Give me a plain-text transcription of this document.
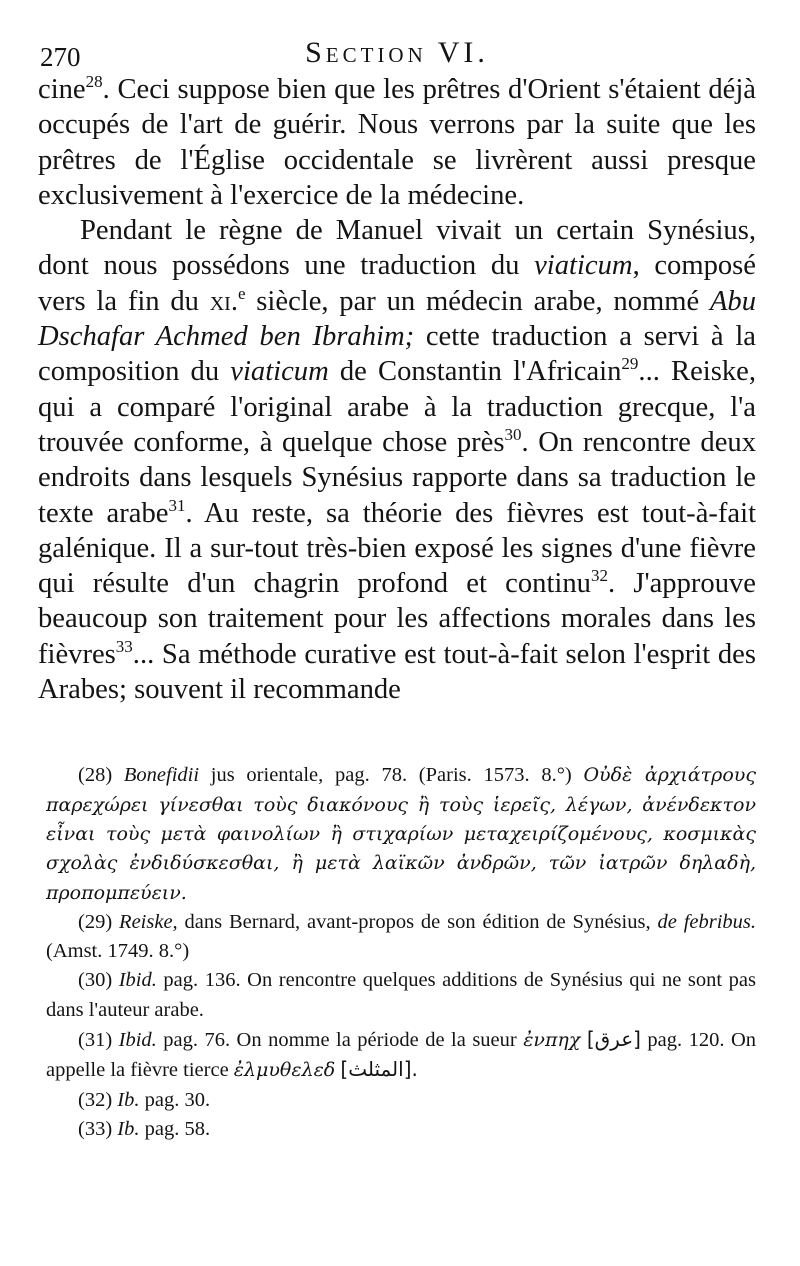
270	Section VI.

cine$^{28}$. Ceci suppose bien que les prêtres d'Orient s'étaient déjà occupés de l'art de guérir. Nous verrons par la suite que les prêtres de l'Église occidentale se livrèrent aussi presque exclusivement à l'exercice de la médecine.

Pendant le règne de Manuel vivait un certain Synésius, dont nous possédons une traduction du viaticum, composé vers la fin du xi.$^e$ siècle, par un médecin arabe, nommé Abu Dschafar Achmed ben Ibrahim; cette traduction a servi à la composition du viaticum de Constantin l'Africain$^{29}$... Reiske, qui a comparé l'original arabe à la traduction grecque, l'a trouvée conforme, à quelque chose près$^{30}$. On rencontre deux endroits dans lesquels Synésius rapporte dans sa traduction le texte arabe$^{31}$. Au reste, sa théorie des fièvres est tout-à-fait galénique. Il a sur-tout très-bien exposé les signes d'une fièvre qui résulte d'un chagrin profond et continu$^{32}$. J'approuve beaucoup son traitement pour les affections morales dans les fièvres$^{33}$... Sa méthode curative est tout-à-fait selon l'esprit des Arabes; souvent il recommande

(28) Bonefidii jus orientale, pag. 78. (Paris. 1573. 8.°) Οὐδὲ ἀρχιάτρους παρεχώρει γίνεσθαι τοὺς διακόνους ἢ τοὺς ἱερεῖς, λέγων, ἀνένδεκτον εἶναι τοὺς μετὰ φαινολίων ἢ στιχαρίων μεταχειρίζομένους, κοσμικὰς σχολὰς ἐνδιδύσκεσθαι, ἢ μετὰ λαϊκῶν ἀνδρῶν, τῶν ἰατρῶν δηλαδὴ, προπομπεύειν.

(29) Reiske, dans Bernard, avant-propos de son édition de Synésius, de febribus. (Amst. 1749. 8.°)

(30) Ibid. pag. 136. On rencontre quelques additions de Synésius qui ne sont pas dans l'auteur arabe.

(31) Ibid. pag. 76. On nomme la période de la sueur ἐνπηχ [عرق] pag. 120. On appelle la fièvre tierce ἐλμυθελεδ [المثلث].

(32) Ib. pag. 30.

(33) Ib. pag. 58.
